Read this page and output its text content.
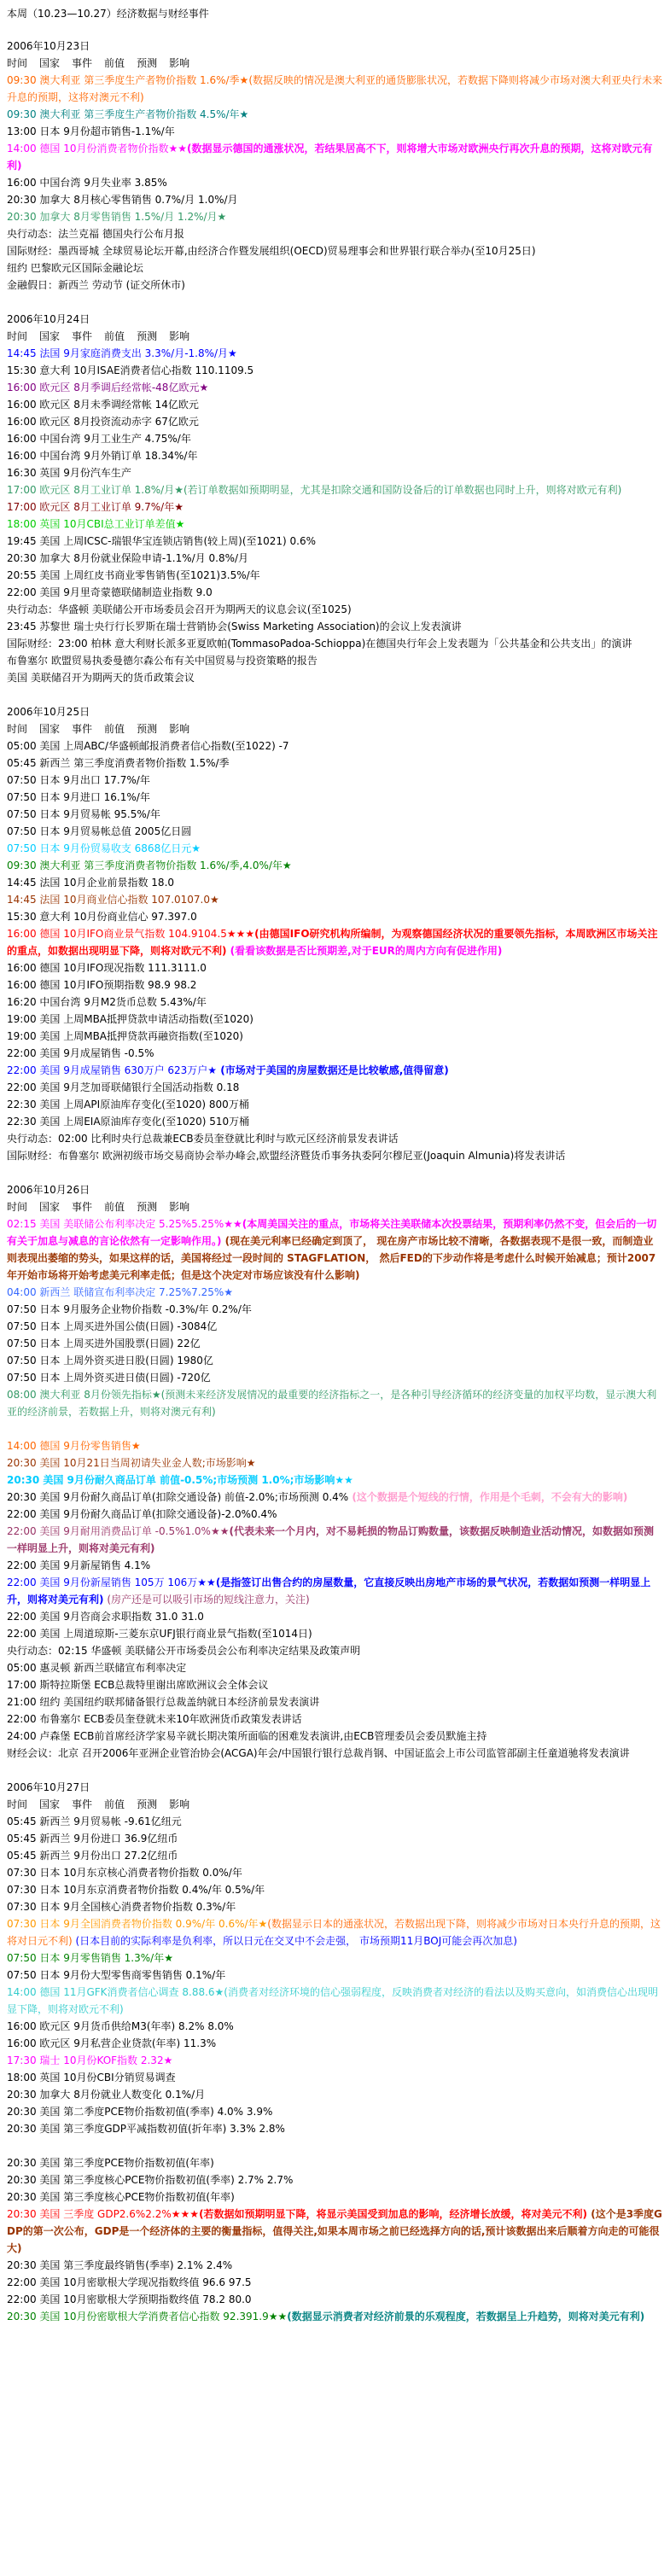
本周（10.23—10.27）经济数据与财经事件
2006年10月23日
时间 国家 事件 前值 预测 影响
09:30 澳大利亚 第三季度生产者物价指数 1.6%/季★(数据反映的情况是澳大利亚的通货膨胀状况，若数据下降则将减少市场对澳大利亚央行未来升息的预期，这将对澳元不利)
09:30 澳大利亚 第三季度生产者物价指数 4.5%/年★
13:00 日本 9月份超市销售-1.1%/年
14:00 德国 10月份消费者物价指数★★(数据显示德国的通涨状况，若结果居高不下，则将增大市场对欧洲央行再次升息的预期，这将对欧元有利)
16:00 中国台湾 9月失业率 3.85%
20:30 加拿大 8月核心零售销售 0.7%/月 1.0%/月
20:30 加拿大 8月零售销售 1.5%/月 1.2%/月★
央行动态：法兰克福 德国央行公布月报
国际财经：墨西哥城 全球贸易论坛开幕,由经济合作暨发展组织(OECD)贸易理事会和世界银行联合举办(至10月25日)
纽约 巴黎欧元区国际金融论坛
金融假日：新西兰 劳动节 (证交所休市)
2006年10月24日
时间 国家 事件 前值 预测 影响
14:45 法国 9月家庭消费支出 3.3%/月-1.8%/月★
15:30 意大利 10月ISAE消费者信心指数 110.1109.5
16:00 欧元区 8月季调后经常帐-48亿欧元★
16:00 欧元区 8月未季调经常帐 14亿欧元
16:00 欧元区 8月投资流动赤字 67亿欧元
16:00 中国台湾 9月工业生产 4.75%/年
16:00 中国台湾 9月外销订单 18.34%/年
16:30 英国 9月份汽车生产
17:00 欧元区 8月工业订单 1.8%/月★(若订单数据如预期明显，尤其是扣除交通和国防设备后的订单数据也同时上升，则将对欧元有利)
17:00 欧元区 8月工业订单 9.7%/年★
18:00 英国 10月CBI总工业订单差值★
19:45 美国 上周ICSC-瑞银华宝连锁店销售(较上周)(至1021) 0.6%
20:30 加拿大 8月份就业保险申请-1.1%/月 0.8%/月
20:55 美国 上周红皮书商业零售销售(至1021)3.5%/年
22:00 美国 9月里奇蒙德联储制造业指数 9.0
央行动态：华盛顿 美联储公开市场委员会召开为期两天的议息会议(至1025)
23:45 苏黎世 瑞士央行行长罗斯在瑞士营销协会(Swiss Marketing Association)的会议上发表演讲
国际财经：23:00 柏林 意大利财长派多亚夏欧帕(TommasoPadoa-Schioppa)在德国央行年会上发表题为「公共基金和公共支出」的演讲
布鲁塞尔 欧盟贸易执委曼德尔森公布有关中国贸易与投资策略的报告
美国 美联储召开为期两天的货币政策会议
2006年10月25日
时间 国家 事件 前值 预测 影响
05:00 美国 上周ABC/华盛顿邮报消费者信心指数(至1022) -7
05:45 新西兰 第三季度消费者物价指数 1.5%/季
07:50 日本 9月出口 17.7%/年
07:50 日本 9月进口 16.1%/年
07:50 日本 9月贸易帐 95.5%/年
07:50 日本 9月贸易帐总值 2005亿日圆
07:50 日本 9月份贸易收支 6868亿日元★
09:30 澳大利亚 第三季度消费者物价指数 1.6%/季,4.0%/年★
14:45 法国 10月企业前景指数 18.0
14:45 法国 10月商业信心指数 107.0107.0★
15:30 意大利 10月份商业信心 97.397.0
16:00 德国 10月IFO商业景气指数 104.9104.5★★★(由德国IFO研究机构所编制，为观察德国经济状况的重要领先指标，本周欧洲区市场关注的重点，如数据出现明显下降，则将对欧元不利) (看看该数据是否比预期差,对于EUR的周内方向有促进作用)
16:00 德国 10月IFO现况指数 111.3111.0
16:00 德国 10月IFO预期指数 98.9 98.2
16:20 中国台湾 9月M2货币总数 5.43%/年
19:00 美国 上周MBA抵押贷款申请活动指数(至1020)
19:00 美国 上周MBA抵押贷款再融资指数(至1020)
22:00 美国 9月成屋销售 -0.5%
22:00 美国 9月成屋销售 630万户 623万户★ (市场对于美国的房屋数据还是比较敏感,值得留意)
22:00 美国 9月芝加哥联储银行全国活动指数 0.18
22:30 美国 上周API原油库存变化(至1020) 800万桶
22:30 美国 上周EIA原油库存变化(至1020) 510万桶
央行动态：02:00 比利时央行总裁兼ECB委员奎登就比利时与欧元区经济前景发表讲话
国际财经：布鲁塞尔 欧洲初级市场交易商协会举办峰会,欧盟经济暨货币事务执委阿尔穆尼亚(Joaquin Almunia)将发表讲话
2006年10月26日
时间 国家 事件 前值 预测 影响
02:15 美国 美联储公布利率决定 5.25%5.25%★★(本周美国关注的重点，市场将关注美联储本次投票结果，预期利率仍然不变，但会后的一切有关于加息与减息的言论依然有一定影响作用。) (现在美元利率已经确定到顶了， 现在房产市场比较不清晰，各数据表现不是很一致，而制造业则表现出萎缩的势头，如果这样的话，美国将经过一段时间的 STAGFLATION， 然后FED的下步动作将是考虑什么时候开始减息；预计2007年开始市场将开始考虑美元利率走低；但是这个决定对市场应该没有什么影响)
04:00 新西兰 联储宣布利率决定 7.25%7.25%★
07:50 日本 9月服务企业物价指数 -0.3%/年 0.2%/年
07:50 日本 上周买进外国公债(日圆) -3084亿
07:50 日本 上周买进外国股票(日圆) 22亿
07:50 日本 上周外资买进日股(日圆) 1980亿
07:50 日本 上周外资买进日债(日圆) -720亿
08:00 澳大利亚 8月份领先指标★(预测未来经济发展情况的最重要的经济指标之一，是各种引导经济循环的经济变量的加权平均数，显示澳大利亚的经济前景，若数据上升，则将对澳元有利)
14:00 德国 9月份零售销售★
20:30 美国 10月21日当周初请失业金人数;市场影响★
20:30 美国 9月份耐久商品订单 前值-0.5%;市场预测 1.0%;市场影响★★
20:30 美国 9月份耐久商品订单(扣除交通设备) 前值-2.0%;市场预测 0.4% (这个数据是个短线的行情，作用是个毛刺，不会有大的影响)
22:00 美国 9月份耐久商品订单(扣除交通设备)-2.0%0.4%
22:00 美国 9月耐用消费品订单 -0.5%1.0%★★(代表未来一个月内，对不易耗损的物品订购数量，该数据反映制造业活动情况，如数据如预测一样明显上升，则将对美元有利)
22:00 美国 9月新屋销售 4.1%
22:00 美国 9月份新屋销售 105万 106万★★(是指签订出售合约的房屋数量，它直接反映出房地产市场的景气状况，若数据如预测一样明显上升，则将对美元有利) (房产还是可以吸引市场的短线注意力，关注)
22:00 美国 9月咨商会求职指数 31.0 31.0
22:00 美国 上周道琼斯-三菱东京UFJ银行商业景气指数(至1014日)
央行动态：02:15 华盛顿 美联储公开市场委员会公布利率决定结果及政策声明
05:00 惠灵顿 新西兰联储宣布利率决定
17:00 斯特拉斯堡 ECB总裁特里谢出席欧洲议会全体会议
21:00 纽约 美国纽约联邦储备银行总裁盖纳就日本经济前景发表演讲
22:00 布鲁塞尔 ECB委员奎登就未来10年欧洲货币政策发表讲话
24:00 卢森堡 ECB前首席经济学家易辛就长期决策所面临的困难发表演讲,由ECB管理委员会委员默施主持
财经会议：北京 召开2006年亚洲企业管治协会(ACGA)年会/中国银行银行总裁肖钢、中国证监会上市公司监管部副主任童道驰将发表演讲
2006年10月27日
时间 国家 事件 前值 预测 影响
05:45 新西兰 9月贸易帐 -9.61亿纽元
05:45 新西兰 9月份进口 36.9亿纽币
05:45 新西兰 9月份出口 27.2亿纽币
07:30 日本 10月东京核心消费者物价指数 0.0%/年
07:30 日本 10月东京消费者物价指数 0.4%/年 0.5%/年
07:30 日本 9月全国核心消费者物价指数 0.3%/年
07:30 日本 9月全国消费者物价指数 0.9%/年 0.6%/年★(数据显示日本的通涨状况，若数据出现下降，则将减少市场对日本央行升息的预期，这将对日元不利) (日本目前的实际利率是负利率，所以日元在交叉中不会走强， 市场预期11月BOJ可能会再次加息)
07:50 日本 9月零售销售 1.3%/年★
07:50 日本 9月份大型零售商零售销售 0.1%/年
14:00 德国 11月GFK消费者信心调查 8.88.6★(消费者对经济环境的信心强弱程度，反映消费者对经济的看法以及购买意向，如消费信心出现明显下降，则将对欧元不利)
16:00 欧元区 9月货币供给M3(年率) 8.2% 8.0%
16:00 欧元区 9月私营企业贷款(年率) 11.3%
17:30 瑞士 10月份KOF指数 2.32★
18:00 英国 10月份CBI分销贸易调查
20:30 加拿大 8月份就业人数变化 0.1%/月
20:30 美国 第二季度PCE物价指数初值(季率) 4.0% 3.9%
20:30 美国 第三季度GDP平减指数初值(折年率) 3.3% 2.8%
20:30 美国 第三季度PCE物价指数初值(年率)
20:30 美国 第三季度核心PCE物价指数初值(季率) 2.7% 2.7%
20:30 美国 第三季度核心PCE物价指数初值(年率)
20:30 美国 三季度 GDP2.6%2.2%★★★(若数据如预期明显下降，将显示美国受到加息的影响，经济增长放缓，将对美元不利) (这个是3季度GDP的第一次公布，GDP是一个经济体的主要的衡量指标，值得关注,如果本周市场之前已经选择方向的话,预计该数据出来后顺着方向走的可能很大)
20:30 美国 第三季度最终销售(季率) 2.1% 2.4%
22:00 美国 10月密歇根大学现况指数终值 96.6 97.5
22:00 美国 10月密歇根大学预期指数终值 78.2 80.0
20:30 美国 10月份密歇根大学消费者信心指数 92.391.9★★(数据显示消费者对经济前景的乐观程度，若数据呈上升趋势，则将对美元有利)
